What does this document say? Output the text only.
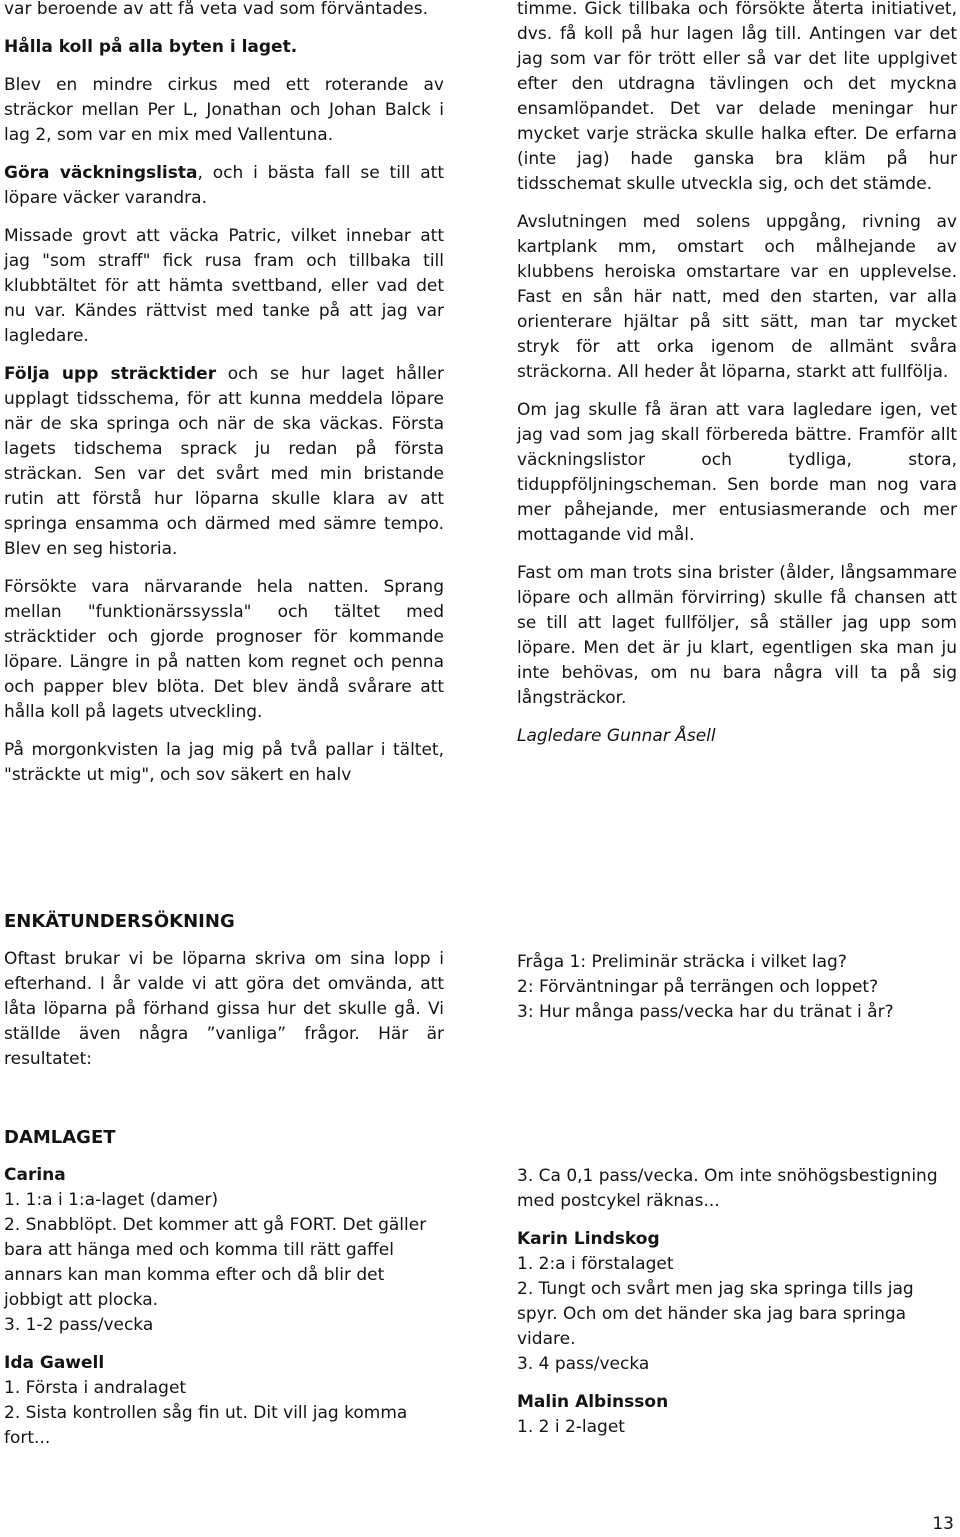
var beroende av att få veta vad som förväntades.

Hålla koll på alla byten i laget.

Blev en mindre cirkus med ett roterande av sträckor mellan Per L, Jonathan och Johan Balck i lag 2, som var en mix med Vallentuna.

Göra väckningslista, och i bästa fall se till att löpare väcker varandra.

Missade grovt att väcka Patric, vilket innebar att jag "som straff" fick rusa fram och tillbaka till klubbtältet för att hämta svettband, eller vad det nu var. Kändes rättvist med tanke på att jag var lagledare.

Följa upp sträcktider och se hur laget håller upplagt tidsschema, för att kunna meddela löpare när de ska springa och när de ska väckas. Första lagets tidschema sprack ju redan på första sträckan. Sen var det svårt med min bristande rutin att förstå hur löparna skulle klara av att springa ensamma och därmed med sämre tempo. Blev en seg historia.

Försökte vara närvarande hela natten. Sprang mellan "funktionärssyssla" och tältet med sträcktider och gjorde prognoser för kommande löpare. Längre in på natten kom regnet och penna och papper blev blöta. Det blev ändå svårare att hålla koll på lagets utveckling.

På morgonkvisten la jag mig på två pallar i tältet, "sträckte ut mig", och sov säkert en halv

timme. Gick tillbaka och försökte återta initiativet, dvs. få koll på hur lagen låg till. Antingen var det jag som var för trött eller så var det lite upplgivet efter den utdragna tävlingen och det myckna ensamlöpandet. Det var delade meningar hur mycket varje sträcka skulle halka efter. De erfarna (inte jag) hade ganska bra kläm på hur tidsschemat skulle utveckla sig, och det stämde.

Avslutningen med solens uppgång, rivning av kartplank mm, omstart och målhejande av klubbens heroiska omstartare var en upplevelse. Fast en sån här natt, med den starten, var alla orienterare hjältar på sitt sätt, man tar mycket stryk för att orka igenom de allmänt svåra sträckorna. All heder åt löparna, starkt att fullfölja.

Om jag skulle få äran att vara lagledare igen, vet jag vad som jag skall förbereda bättre. Framför allt väckningslistor och tydliga, stora, tiduppföljningscheman. Sen borde man nog vara mer påhejande, mer entusiasmerande och mer mottagande vid mål.

Fast om man trots sina brister (ålder, långsammare löpare och allmän förvirring) skulle få chansen att se till att laget fullföljer, så ställer jag upp som löpare. Men det är ju klart, egentligen ska man ju inte behövas, om nu bara några vill ta på sig långsträckor.

Lagledare Gunnar Åsell

ENKÄTUNDERSÖKNING

Oftast brukar vi be löparna skriva om sina lopp i efterhand. I år valde vi att göra det omvända, att låta löparna på förhand gissa hur det skulle gå. Vi ställde även några ”vanliga” frågor. Här är resultatet:

Fråga 1: Preliminär sträcka i vilket lag?
2: Förväntningar på terrängen och loppet?
3: Hur många pass/vecka har du tränat i år?
DAMLAGET
Carina
1. 1:a i 1:a-laget (damer)
2. Snabblöpt. Det kommer att gå FORT. Det gäller bara att hänga med och komma till rätt gaffel annars kan man komma efter och då blir det jobbigt att plocka.
3. 1-2 pass/vecka
Ida Gawell
1. Första i andralaget
2. Sista kontrollen såg fin ut. Dit vill jag komma fort...
3. Ca 0,1 pass/vecka. Om inte snöhögsbestigning med postcykel räknas...
Karin Lindskog
1. 2:a i förstalaget
2. Tungt och svårt men jag ska springa tills jag spyr. Och om det händer ska jag bara springa vidare.
3. 4 pass/vecka
Malin Albinsson
1. 2 i 2-laget
13
